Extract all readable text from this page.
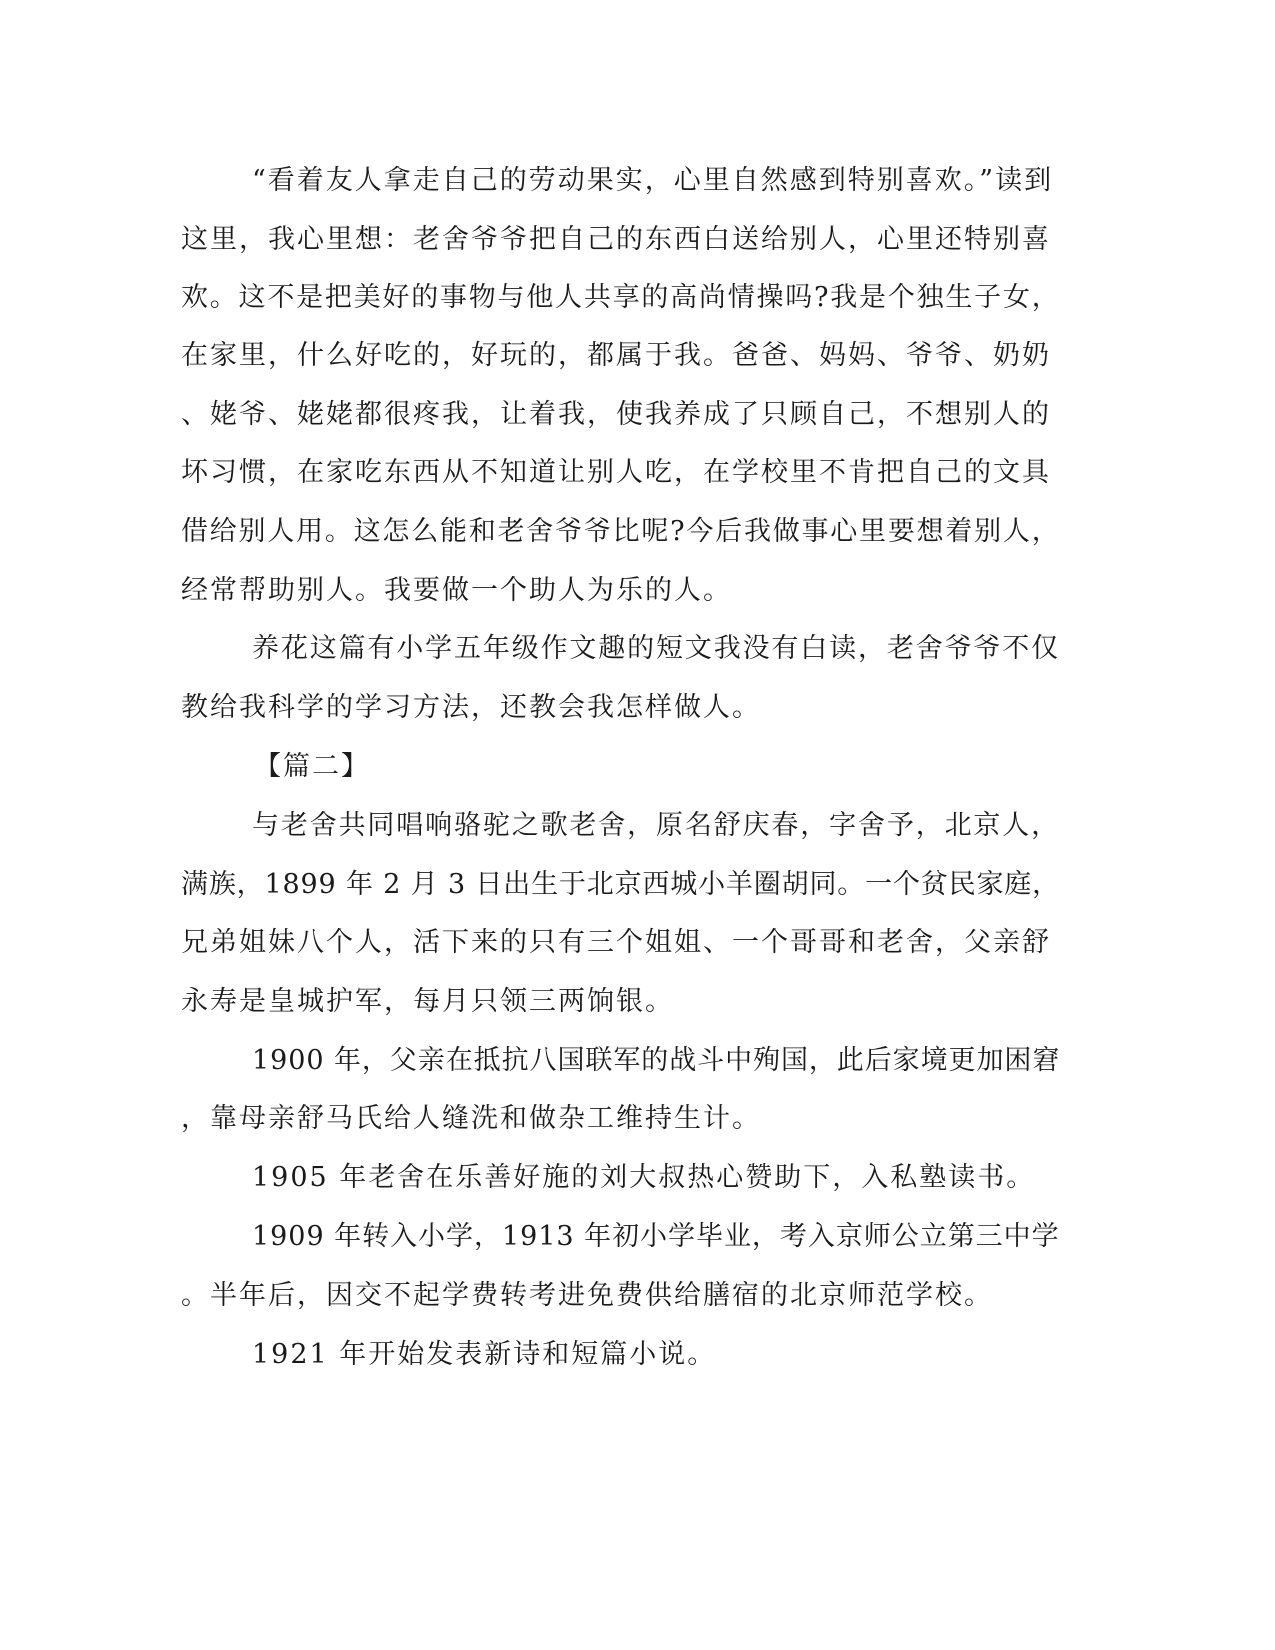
“看着友人拿走自己的劳动果实，心里自然感到特别喜欢。”读到

这里，我心里想：老舍爷爷把自己的东西白送给别人，心里还特别喜

欢。这不是把美好的事物与他人共享的高尚情操吗?我是个独生子女，

在家里，什么好吃的，好玩的，都属于我。爸爸、妈妈、爷爷、奶奶

、姥爷、姥姥都很疼我，让着我，使我养成了只顾自己，不想别人的

坏习惯，在家吃东西从不知道让别人吃，在学校里不肯把自己的文具

借给别人用。这怎么能和老舍爷爷比呢?今后我做事心里要想着别人，

经常帮助别人。我要做一个助人为乐的人。

养花这篇有小学五年级作文趣的短文我没有白读，老舍爷爷不仅

教给我科学的学习方法，还教会我怎样做人。

【篇二】

与老舍共同唱响骆驼之歌老舍，原名舒庆春，字舍予，北京人，

满族，1899 年 2 月 3 日出生于北京西城小羊圈胡同。一个贫民家庭，

兄弟姐妹八个人，活下来的只有三个姐姐、一个哥哥和老舍，父亲舒

永寿是皇城护军，每月只领三两饷银。

1900 年，父亲在抵抗八国联军的战斗中殉国，此后家境更加困窘

，靠母亲舒马氏给人缝洗和做杂工维持生计。

1905 年老舍在乐善好施的刘大叔热心赞助下，入私塾读书。

1909 年转入小学，1913 年初小学毕业，考入京师公立第三中学

。半年后，因交不起学费转考进免费供给膳宿的北京师范学校。

1921 年开始发表新诗和短篇小说。
